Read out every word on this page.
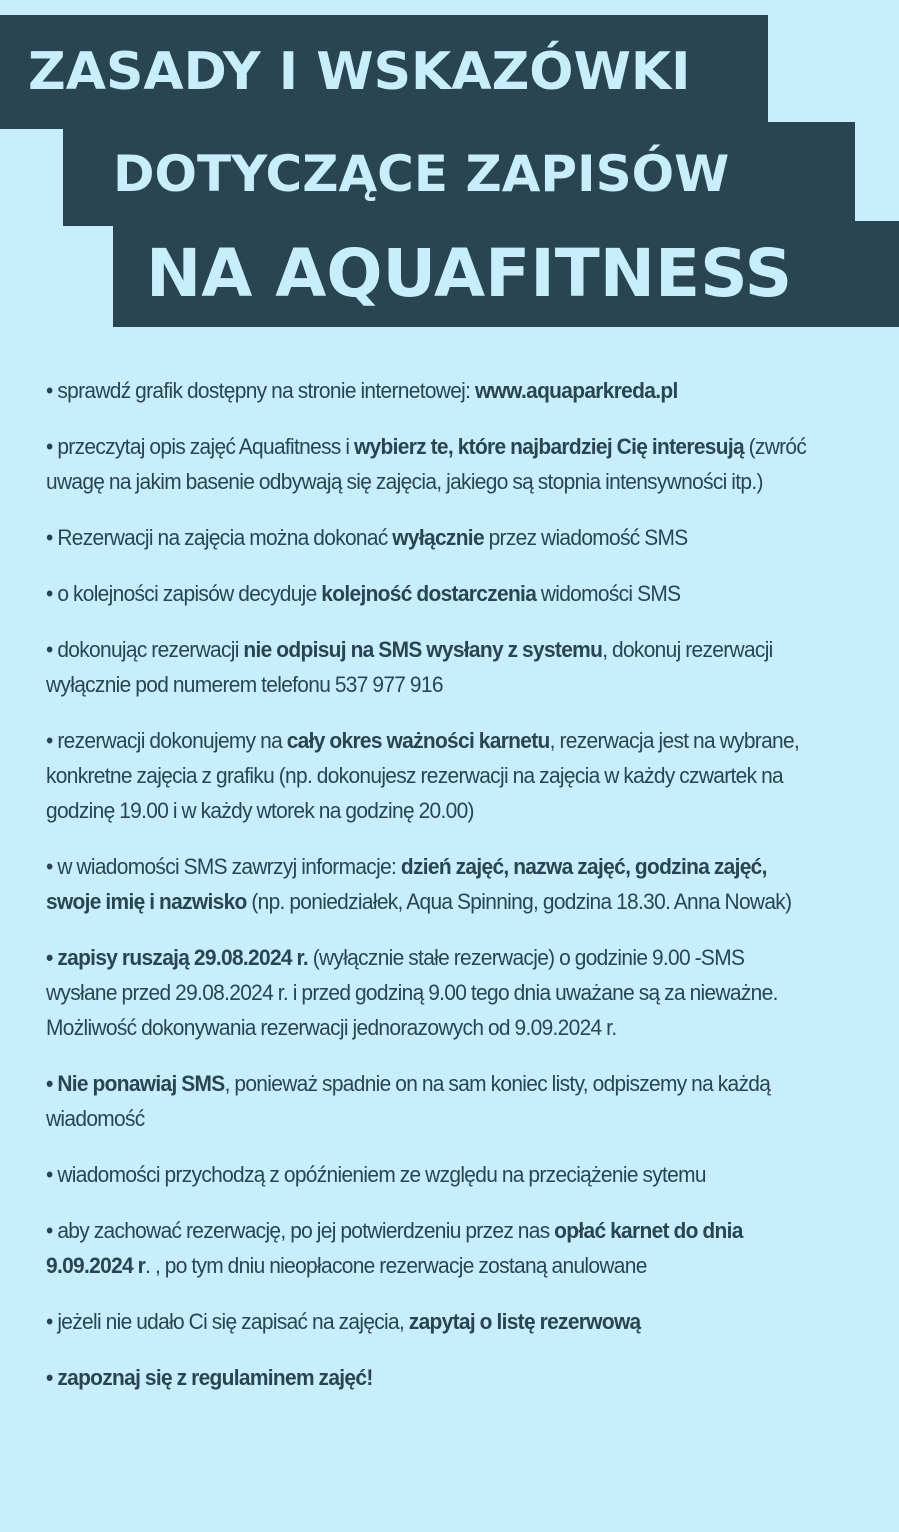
ZASADY I WSKAZÓWKI
NA AQUAFITNESS
DOTYCZĄCE ZAPISÓW
• sprawdź grafik dostępny na stronie internetowej: www.aquaparkreda.pl
• przeczytaj opis zajęć Aquafitness i wybierz te, które najbardziej Cię interesują (zwróć uwagę na jakim basenie odbywają się zajęcia, jakiego są stopnia intensywności itp.)
• Rezerwacji na zajęcia można dokonać wyłącznie przez wiadomość SMS
• o kolejności zapisów decyduje kolejność dostarczenia widomości SMS
• dokonując rezerwacji nie odpisuj na SMS wysłany z systemu, dokonuj rezerwacji wyłącznie pod numerem telefonu 537 977 916
• rezerwacji dokonujemy na cały okres ważności karnetu, rezerwacja jest na wybrane, konkretne zajęcia z grafiku (np. dokonujesz rezerwacji na zajęcia w każdy czwartek na godzinę 19.00 i w każdy wtorek na godzinę 20.00)
• w wiadomości SMS zawrzyj informacje: dzień zajęć, nazwa zajęć, godzina zajęć, swoje imię i nazwisko (np. poniedziałek, Aqua Spinning, godzina 18.30. Anna Nowak)
• zapisy ruszają 29.08.2024 r. (wyłącznie stałe rezerwacje) o godzinie 9.00 -SMS wysłane przed 29.08.2024 r. i przed godziną 9.00 tego dnia uważane są za nieważne. Możliwość dokonywania rezerwacji jednorazowych od 9.09.2024 r.
• Nie ponawiaj SMS, ponieważ spadnie on na sam koniec listy, odpiszemy na każdą wiadomość
• wiadomości przychodzą z opóźnieniem ze względu na przeciążenie sytemu
• aby zachować rezerwację, po jej potwierdzeniu przez nas opłać karnet do dnia 9.09.2024 r. , po tym dniu nieopłacone rezerwacje zostaną anulowane
• jeżeli nie udało Ci się zapisać na zajęcia, zapytaj o listę rezerwową
• zapoznaj się z regulaminem zajęć!
